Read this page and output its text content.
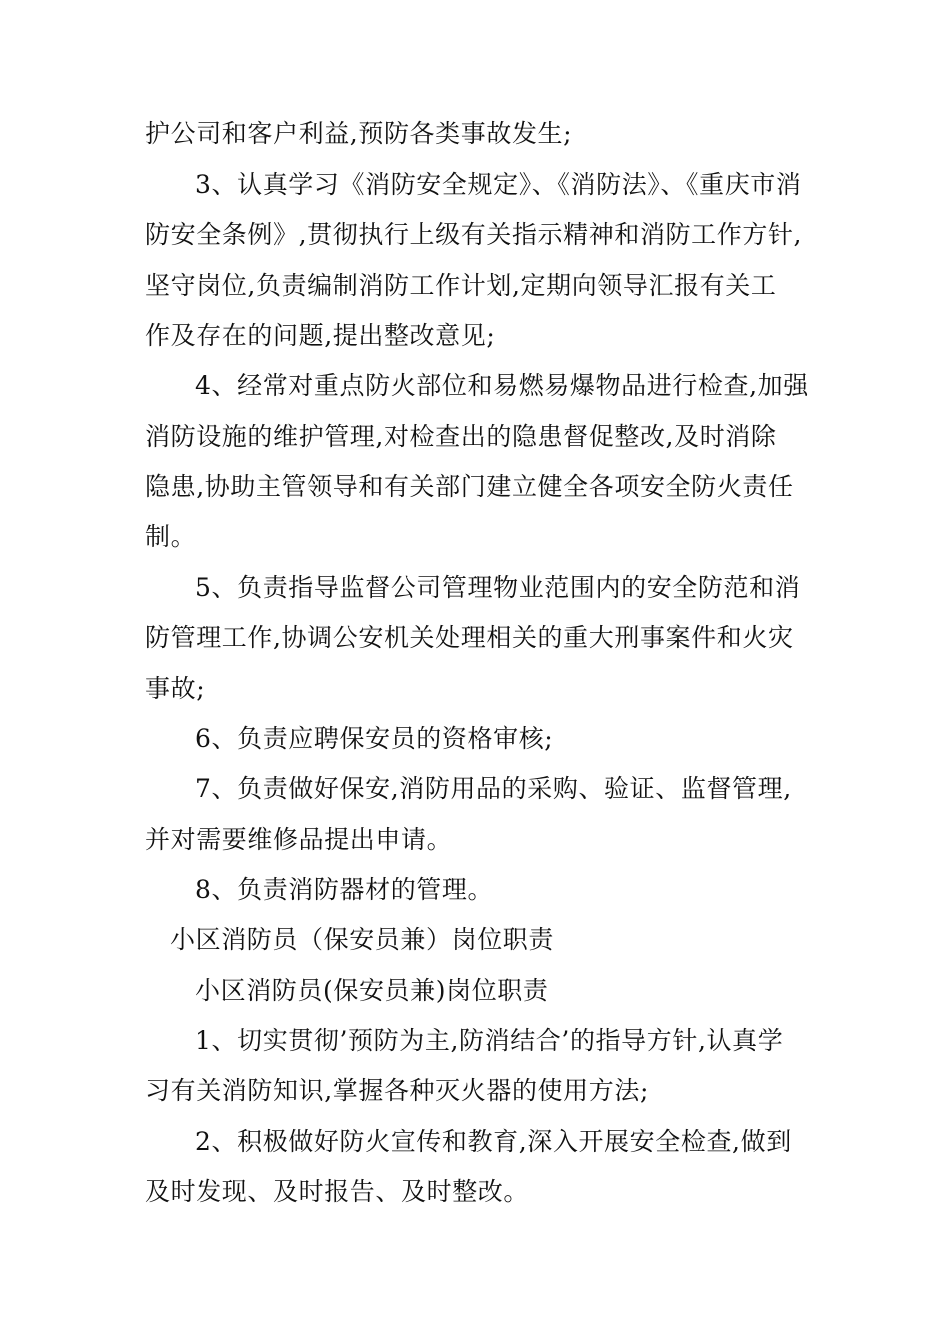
护公司和客户利益,预防各类事故发生;
3、认真学习《消防安全规定》、《消防法》、《重庆市消
防安全条例》,贯彻执行上级有关指示精神和消防工作方针,
坚守岗位,负责编制消防工作计划,定期向领导汇报有关工
作及存在的问题,提出整改意见;
4、经常对重点防火部位和易燃易爆物品进行检查,加强
消防设施的维护管理,对检查出的隐患督促整改,及时消除
隐患,协助主管领导和有关部门建立健全各项安全防火责任
制。
5、负责指导监督公司管理物业范围内的安全防范和消
防管理工作,协调公安机关处理相关的重大刑事案件和火灾
事故;
6、负责应聘保安员的资格审核;
7、负责做好保安,消防用品的采购、验证、监督管理,
并对需要维修品提出申请。
8、负责消防器材的管理。
小区消防员（保安员兼）岗位职责
小区消防员(保安员兼)岗位职责
1、切实贯彻’预防为主,防消结合’的指导方针,认真学
习有关消防知识,掌握各种灭火器的使用方法;
2、积极做好防火宣传和教育,深入开展安全检查,做到
及时发现、及时报告、及时整改。
